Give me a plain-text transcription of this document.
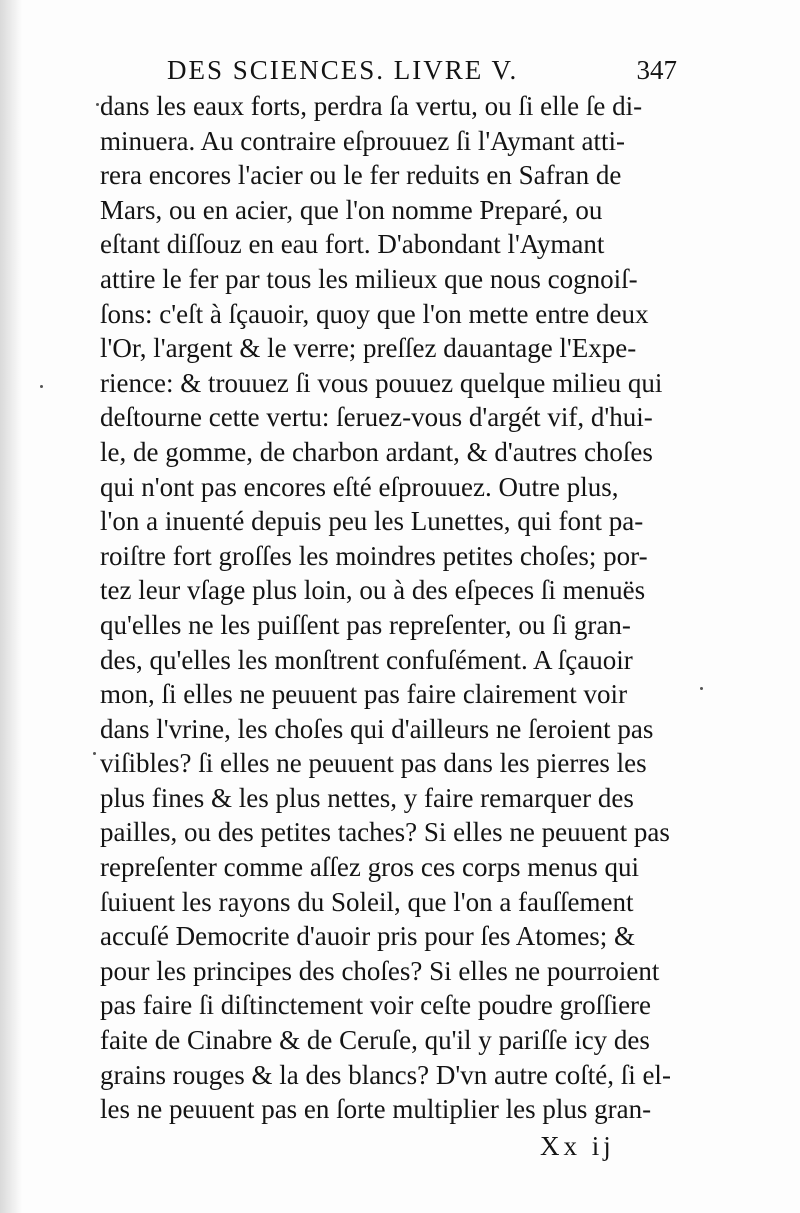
DES SCIENCES. LIVRE V.	347
dans les eaux forts, perdra ſa vertu, ou ſi elle ſe di-
minuera. Au contraire eſprouuez ſi l'Aymant atti-
rera encores l'acier ou le fer reduits en Safran de
Mars, ou en acier, que l'on nomme Preparé, ou
eſtant diſſouz en eau fort. D'abondant l'Aymant
attire le fer par tous les milieux que nous cognoiſ-
ſons: c'eſt à ſçauoir, quoy que l'on mette entre deux
l'Or, l'argent & le verre; preſſez dauantage l'Expe-
rience: & trouuez ſi vous pouuez quelque milieu qui
deſtourne cette vertu: ſeruez-vous d'argét vif, d'hui-
le, de gomme, de charbon ardant, & d'autres choſes
qui n'ont pas encores eſté eſprouuez. Outre plus,
l'on a inuenté depuis peu les Lunettes, qui font pa-
roiſtre fort groſſes les moindres petites choſes; por-
tez leur vſage plus loin, ou à des eſpeces ſi menuës
qu'elles ne les puiſſent pas repreſenter, ou ſi gran-
des, qu'elles les monſtrent confuſément. A ſçauoir
mon, ſi elles ne peuuent pas faire clairement voir
dans l'vrine, les choſes qui d'ailleurs ne ſeroient pas
viſibles? ſi elles ne peuuent pas dans les pierres les
plus fines & les plus nettes, y faire remarquer des
pailles, ou des petites taches? Si elles ne peuuent pas
repreſenter comme aſſez gros ces corps menus qui
ſuiuent les rayons du Soleil, que l'on a fauſſement
accuſé Democrite d'auoir pris pour ſes Atomes; &
pour les principes des choſes? Si elles ne pourroient
pas faire ſi diſtinctement voir ceſte poudre groſſiere
faite de Cinabre & de Ceruſe, qu'il y pariſſe icy des
grains rouges & la des blancs? D'vn autre coſté, ſi el-
les ne peuuent pas en ſorte multiplier les plus gran-
Xx ij
